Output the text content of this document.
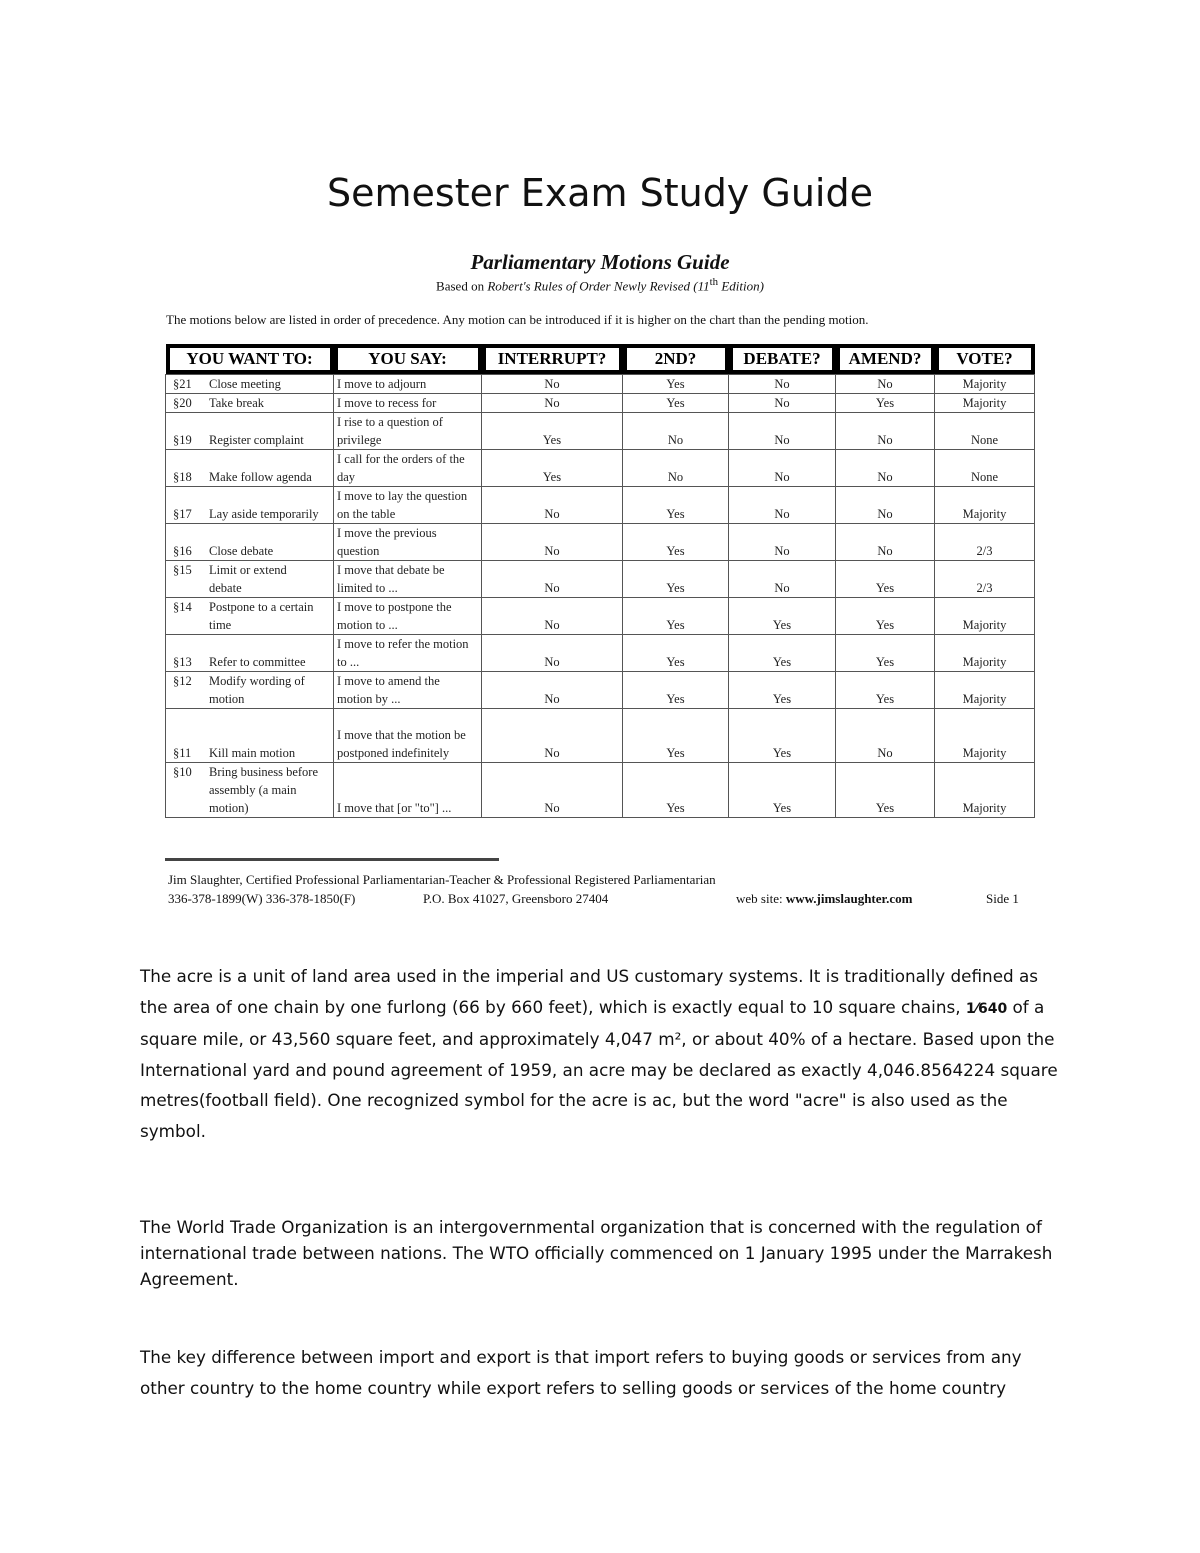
Semester Exam Study Guide
Parliamentary Motions Guide
Based on Robert's Rules of Order Newly Revised (11th Edition)
The motions below are listed in order of precedence. Any motion can be introduced if it is higher on the chart than the pending motion.
YOU WANT TO:	YOU SAY:	INTERRUPT?	2ND?	DEBATE?	AMEND?	VOTE?

§21 Close meeting	I move to adjourn	No	Yes	No	No	Majority
§20 Take break	I move to recess for	No	Yes	No	Yes	Majority
§19 Register complaint	I rise to a question of privilege	Yes	No	No	No	None
§18 Make follow agenda	I call for the orders of the day	Yes	No	No	No	None
§17 Lay aside temporarily	I move to lay the question on the table	No	Yes	No	No	Majority
§16 Close debate	I move the previous question	No	Yes	No	No	2/3
§15 Limit or extend debate	I move that debate be limited to ...	No	Yes	No	Yes	2/3
§14 Postpone to a certain time	I move to postpone the motion to ...	No	Yes	Yes	Yes	Majority
§13 Refer to committee	I move to refer the motion to ...	No	Yes	Yes	Yes	Majority
§12 Modify wording of motion	I move to amend the motion by ...	No	Yes	Yes	Yes	Majority
§11 Kill main motion	I move that the motion be postponed indefinitely	No	Yes	Yes	No	Majority
§10 Bring business before assembly (a main motion)	I move that [or "to"] ...	No	Yes	Yes	Yes	Majority
Jim Slaughter, Certified Professional Parliamentarian-Teacher & Professional Registered Parliamentarian
336-378-1899(W) 336-378-1850(F)	P.O. Box 41027, Greensboro 27404	web site: www.jimslaughter.com	Side 1
The acre is a unit of land area used in the imperial and US customary systems. It is traditionally defined as the area of one chain by one furlong (66 by 660 feet), which is exactly equal to 10 square chains, 1⁄640 of a square mile, or 43,560 square feet, and approximately 4,047 m², or about 40% of a hectare. Based upon the International yard and pound agreement of 1959, an acre may be declared as exactly 4,046.8564224 square metres(football field). One recognized symbol for the acre is ac, but the word "acre" is also used as the symbol.
The World Trade Organization is an intergovernmental organization that is concerned with the regulation of international trade between nations. The WTO officially commenced on 1 January 1995 under the Marrakesh Agreement.
The key difference between import and export is that import refers to buying goods or services from any other country to the home country while export refers to selling goods or services of the home country
